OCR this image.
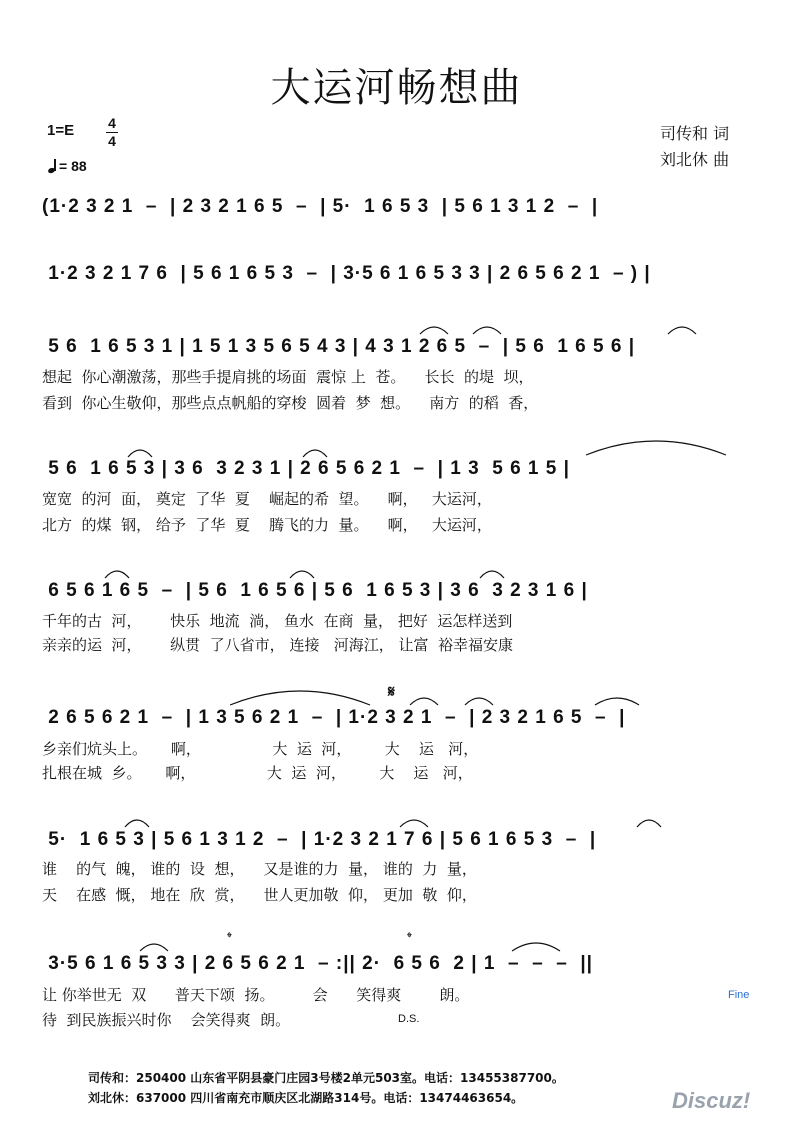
大运河畅想曲
1=E 4
4
= 88
司传和 词
刘北休 曲
(1·2 3 2 1  –  | 2 3 2 1 6 5  –  | 5·  1 6 5 3  | 5 6 1 3 1 2  –  |
1·2 3 2 1 7 6  | 5 6 1 6 5 3  –  | 3·5 6 1 6 5 3 3 | 2 6 5 6 2 1  – ) |
5 6  1 6 5 3 1 | 1 5 1 3 5 6 5 4 3 | 4 3 1 2 6 5  –  | 5 6  1 6 5 6 |
想起  你心潮激荡，那些手提肩挑的场面  震惊 上  苍。    长长  的堤  坝，
看到  你心生敬仰，那些点点帆船的穿梭  圆着  梦  想。    南方  的稻  香，
5 6  1 6 5 3 | 3 6  3 2 3 1 | 2 6 5 6 2 1  –  | 1 3  5 6 1 5 |
宽宽  的河  面， 奠定  了华  夏    崛起的希  望。    啊，   大运河，
北方  的煤  钢， 给予  了华  夏    腾飞的力  量。    啊，   大运河，
6 5 6 1 6 5  –  | 5 6  1 6 5 6 | 5 6  1 6 5 3 | 3 6  3 2 3 1 6 |
千年的古  河，      快乐  地流  淌， 鱼水  在商  量， 把好  运怎样送到
亲亲的运  河，      纵贯  了八省市， 连接   河海江， 让富  裕幸福安康
2 6 5 6 2 1  –  | 1 3 5 6 2 1  –  | 1·2 3 2 1  –  | 2 3 2 1 6 5  –  |
乡亲们炕头上。     啊，               大  运  河，       大    运   河，
扎根在城  乡。     啊，               大  运  河，       大    运   河，
5·  1 6 5 3 | 5 6 1 3 1 2  –  | 1·2 3 2 1 7 6 | 5 6 1 6 5 3  –  |
谁    的气  魄， 谁的  设  想，    又是谁的力  量， 谁的  力  量，
天    在感  慨， 地在  欣  赏，    世人更加敬  仰， 更加  敬  仰，
3·5 6 1 6 5 3 3 | 2 6 5 6 2 1  – :|| 2·  6 5 6  2 | 1  –  –  –  ||
让 你举世无  双      普天下颂  扬。        会      笑得爽        朗。
待  到民族振兴时你    会笑得爽  朗。
𝄋
𝄌	𝄌
Fine
D.S.
司传和：250400 山东省平阴县豪门庄园3号楼2单元503室。电话：13455387700。
刘北休：637000 四川省南充市顺庆区北湖路314号。电话：13474463654。	Discuz!
